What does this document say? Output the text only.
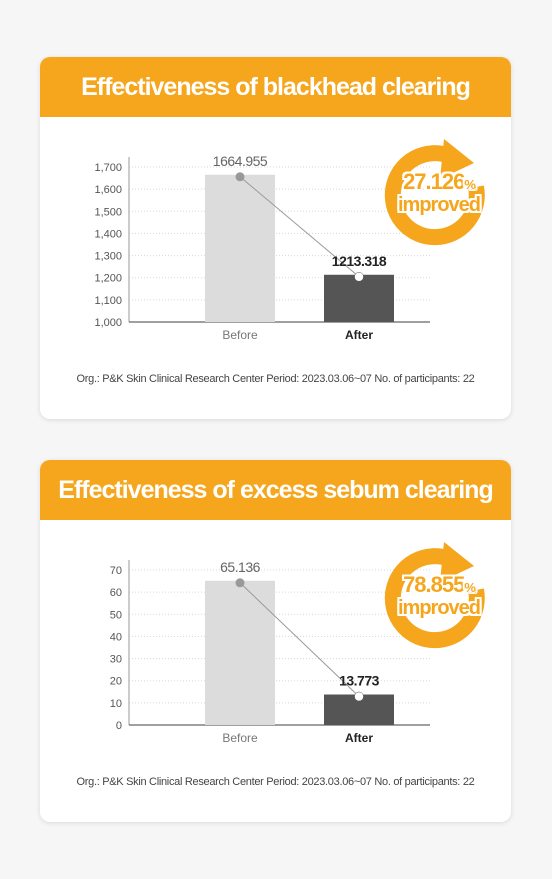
Effectiveness of blackhead clearing
1,700
1,600
1,500
1,400
1,300
1,200
1,100
1,000
1664.955
1213.318
Before	After
27.126%
improved
Org.: P&K Skin Clinical Research Center Period: 2023.03.06~07 No. of participants: 22
Effectiveness of excess sebum clearing
70
60
50
40
30
20
10
0
65.136
13.773
Before	After
78.855%
improved
Org.: P&K Skin Clinical Research Center Period: 2023.03.06~07 No. of participants: 22
